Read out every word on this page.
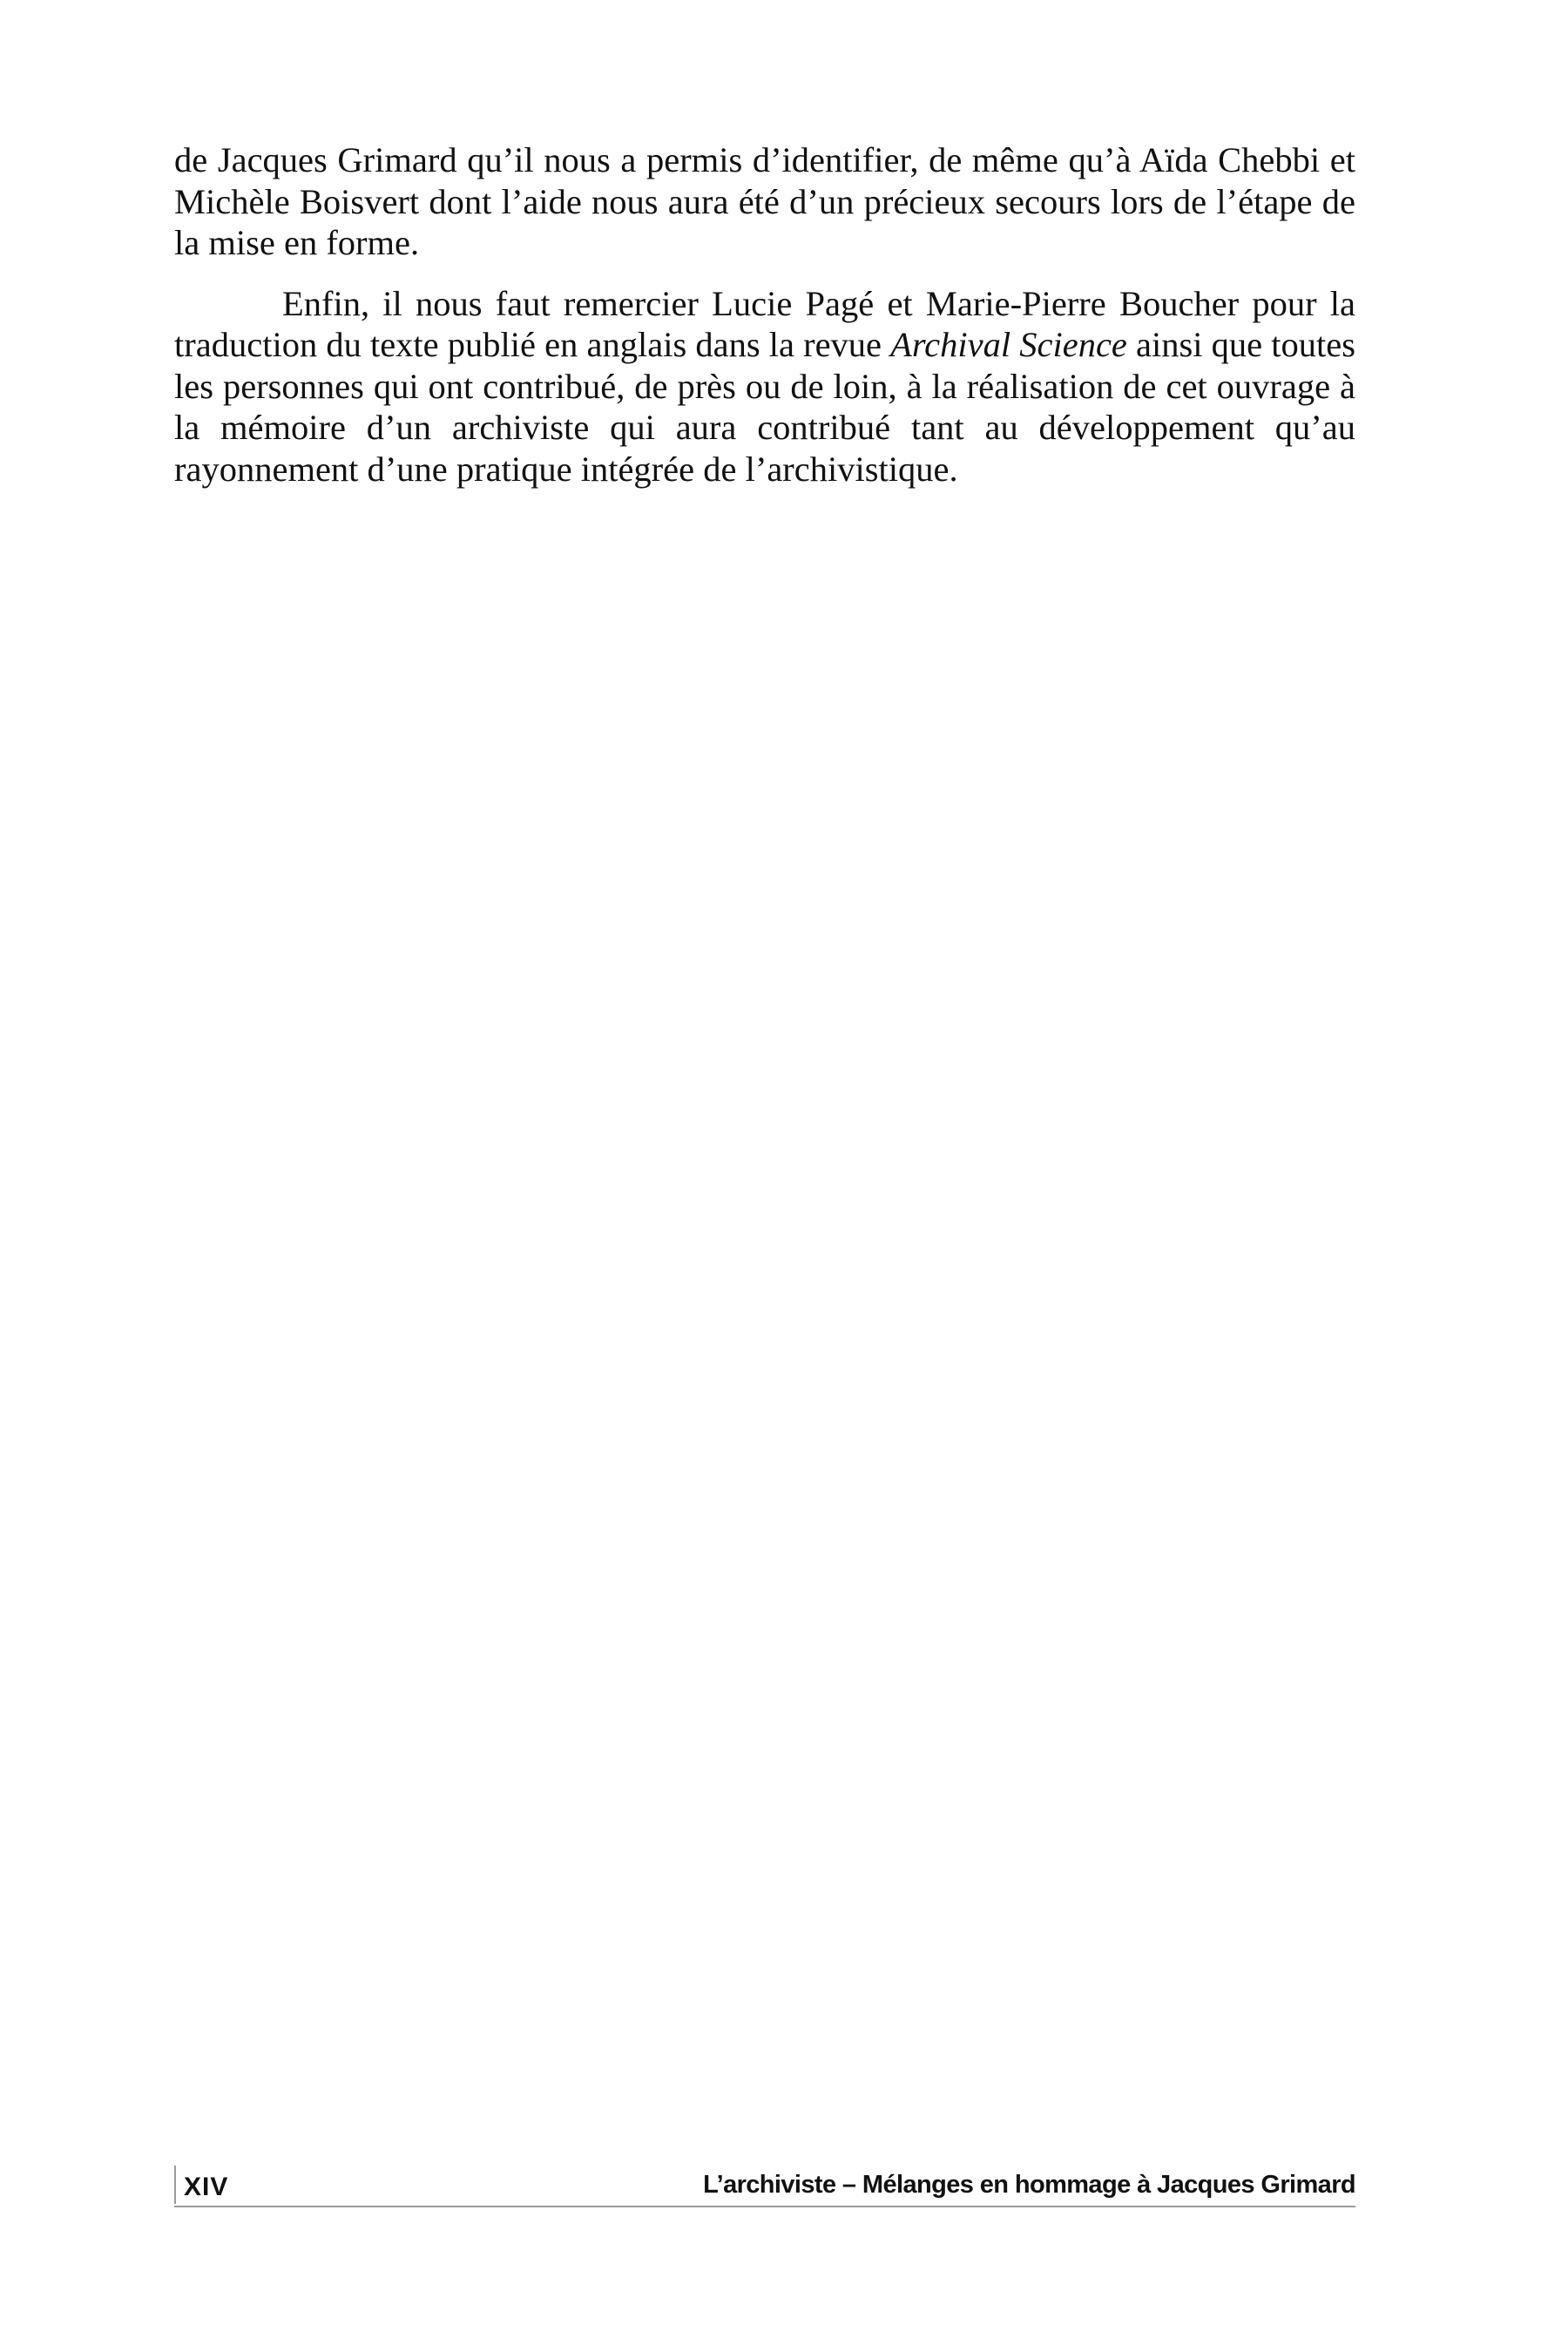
de Jacques Grimard qu’il nous a permis d’identifier, de même qu’à Aïda Chebbi et Michèle Boisvert dont l’aide nous aura été d’un précieux secours lors de l’étape de la mise en forme.

Enfin, il nous faut remercier Lucie Pagé et Marie-Pierre Boucher pour la traduction du texte publié en anglais dans la revue Archival Science ainsi que toutes les personnes qui ont contribué, de près ou de loin, à la réalisation de cet ouvrage à la mémoire d’un archiviste qui aura contribué tant au développement qu’au rayonnement d’une pratique intégrée de l’archivistique.

XIV	L’archiviste – Mélanges en hommage à Jacques Grimard
